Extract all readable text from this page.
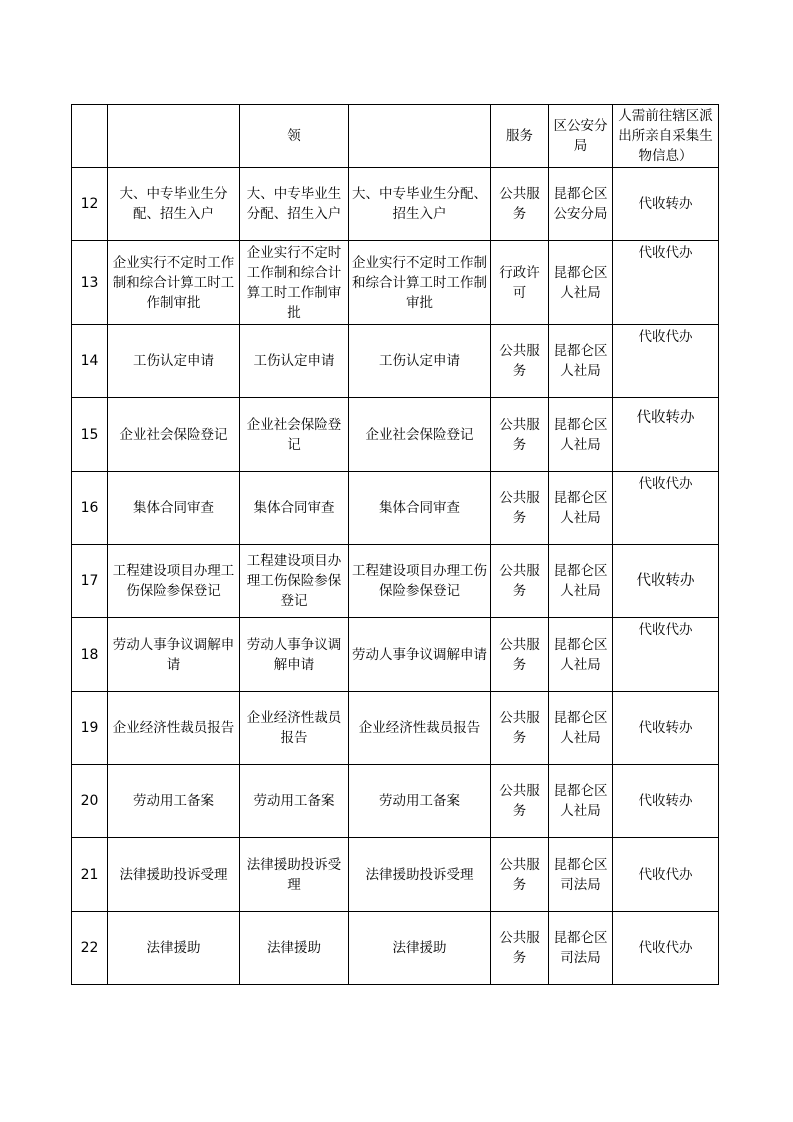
		领		服务	区公安分局	人需前往辖区派出所亲自采集生物信息）
12	大、中专毕业生分配、招生入户	大、中专毕业生分配、招生入户	大、中专毕业生分配、招生入户	公共服务	昆都仑区公安分局	代收转办
13	企业实行不定时工作制和综合计算工时工作制审批	企业实行不定时工作制和综合计算工时工作制审批	企业实行不定时工作制和综合计算工时工作制审批	行政许可	昆都仑区人社局	代收代办
14	工伤认定申请	工伤认定申请	工伤认定申请	公共服务	昆都仑区人社局	代收代办
15	企业社会保险登记	企业社会保险登记	企业社会保险登记	公共服务	昆都仑区人社局	代收转办
16	集体合同审查	集体合同审查	集体合同审查	公共服务	昆都仑区人社局	代收代办
17	工程建设项目办理工伤保险参保登记	工程建设项目办理工伤保险参保登记	工程建设项目办理工伤保险参保登记	公共服务	昆都仑区人社局	代收转办
18	劳动人事争议调解申请	劳动人事争议调解申请	劳动人事争议调解申请	公共服务	昆都仑区人社局	代收代办
19	企业经济性裁员报告	企业经济性裁员报告	企业经济性裁员报告	公共服务	昆都仑区人社局	代收转办
20	劳动用工备案	劳动用工备案	劳动用工备案	公共服务	昆都仑区人社局	代收转办
21	法律援助投诉受理	法律援助投诉受理	法律援助投诉受理	公共服务	昆都仑区司法局	代收代办
22	法律援助	法律援助	法律援助	公共服务	昆都仑区司法局	代收代办
